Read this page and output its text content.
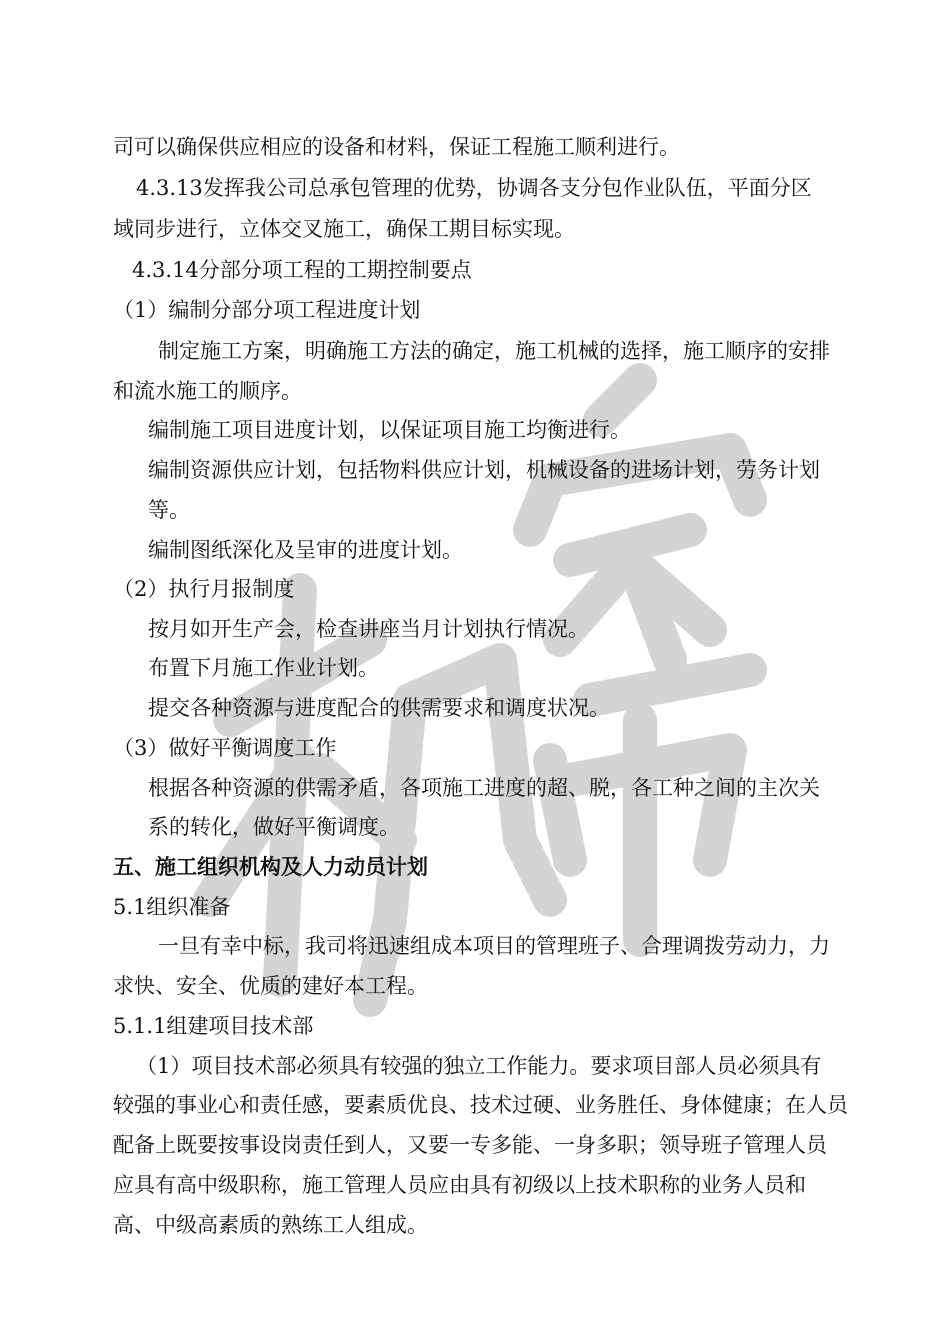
司可以确保供应相应的设备和材料，保证工程施工顺利进行。
4.3.13发挥我公司总承包管理的优势，协调各支分包作业队伍，平面分区
域同步进行，立体交叉施工，确保工期目标实现。
4.3.14分部分项工程的工期控制要点
（1）编制分部分项工程进度计划
制定施工方案，明确施工方法的确定，施工机械的选择，施工顺序的安排
和流水施工的顺序。
编制施工项目进度计划，以保证项目施工均衡进行。
编制资源供应计划，包括物料供应计划，机械设备的进场计划，劳务计划
等。
编制图纸深化及呈审的进度计划。
（2）执行月报制度
按月如开生产会，检查讲座当月计划执行情况。
布置下月施工作业计划。
提交各种资源与进度配合的供需要求和调度状况。
（3）做好平衡调度工作
根据各种资源的供需矛盾，各项施工进度的超、脱，各工种之间的主次关
系的转化，做好平衡调度。
五、施工组织机构及人力动员计划
5.1组织准备
一旦有幸中标，我司将迅速组成本项目的管理班子、合理调拨劳动力，力
求快、安全、优质的建好本工程。
5.1.1组建项目技术部
（1）项目技术部必须具有较强的独立工作能力。要求项目部人员必须具有
较强的事业心和责任感，要素质优良、技术过硬、业务胜任、身体健康；在人员
配备上既要按事设岗责任到人，又要一专多能、一身多职；领导班子管理人员
应具有高中级职称，施工管理人员应由具有初级以上技术职称的业务人员和
高、中级高素质的熟练工人组成。
